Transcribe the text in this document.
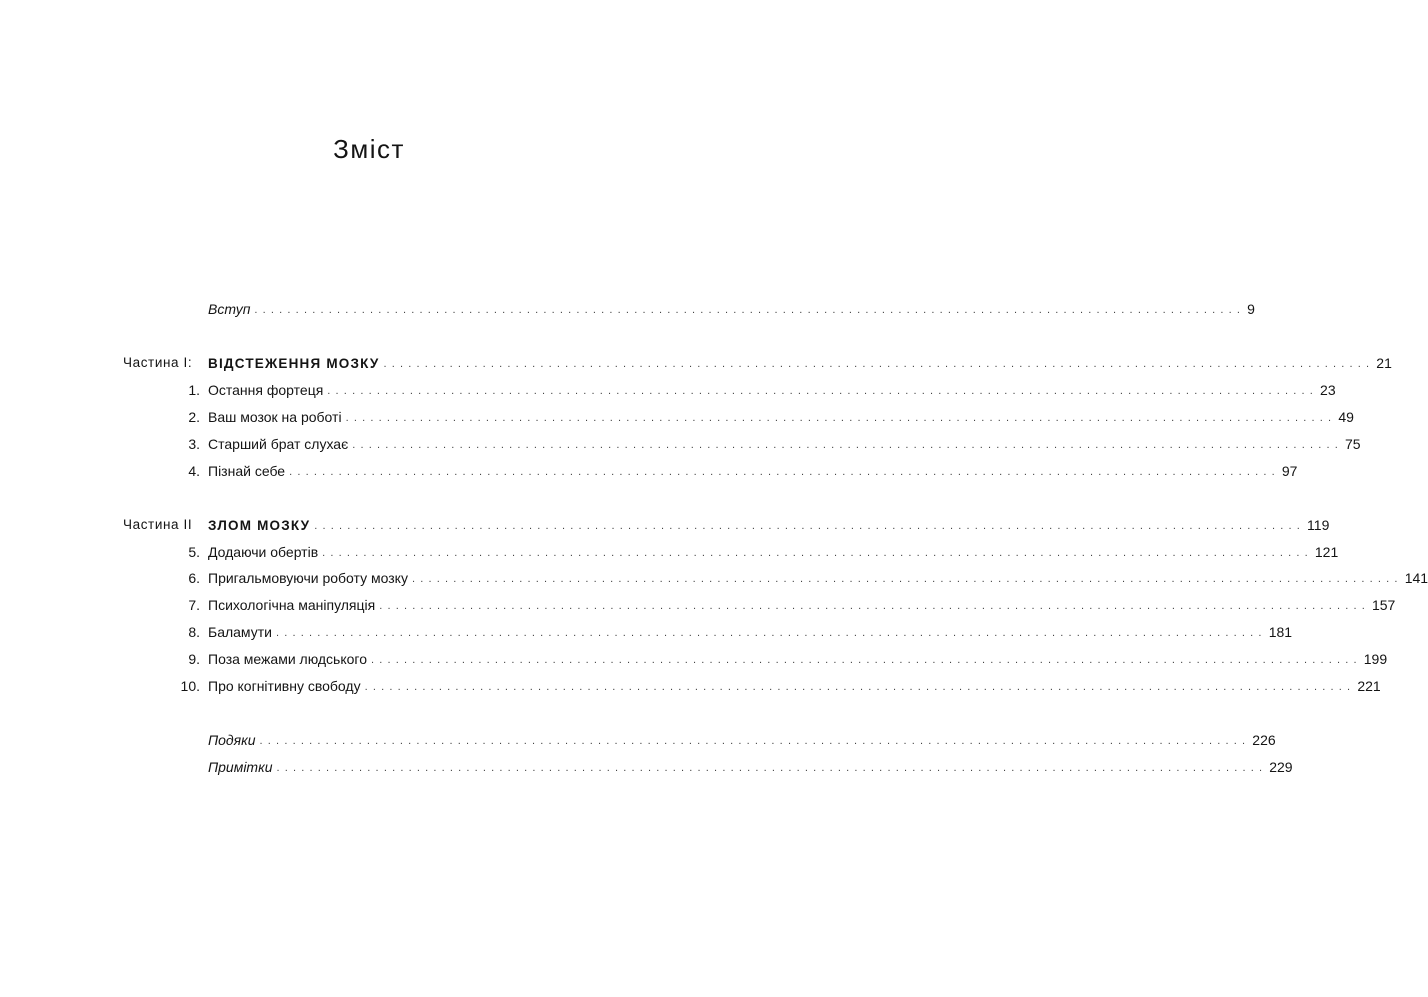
Зміст
Вступ ........................................................................................................................ 9
Частина I: ВІДСТЕЖЕННЯ МОЗКУ ........................................................................................................................ 21
1. Остання фортеця ........................................................................................................................ 23
2. Ваш мозок на роботі ........................................................................................................................ 49
3. Старший брат слухає ........................................................................................................................ 75
4. Пізнай себе ........................................................................................................................ 97
Частина II ЗЛОМ МОЗКУ ........................................................................................................................ 119
5. Додаючи обертів ........................................................................................................................ 121
6. Пригальмовуючи роботу мозку ........................................................................................................................ 141
7. Психологічна маніпуляція ........................................................................................................................ 157
8. Баламути ........................................................................................................................ 181
9. Поза межами людського ........................................................................................................................ 199
10. Про когнітивну свободу ........................................................................................................................ 221
Подяки ........................................................................................................................ 226
Примітки ........................................................................................................................ 229
